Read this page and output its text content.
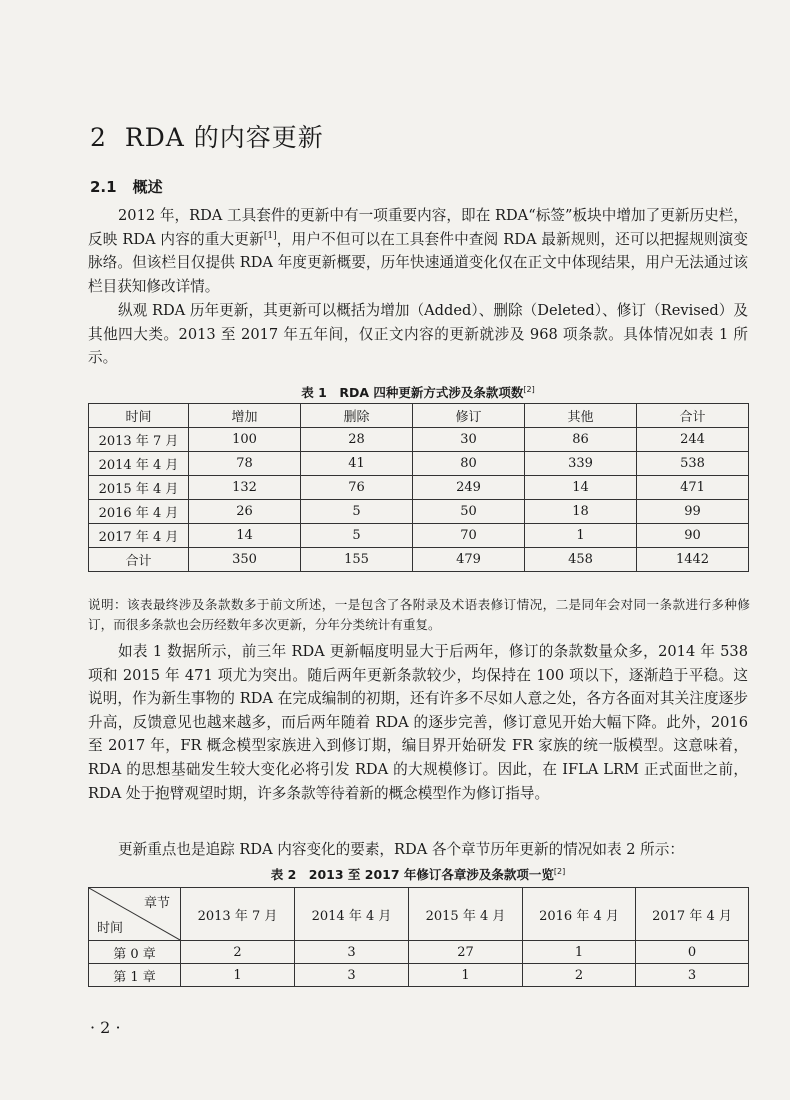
2 RDA 的内容更新
2.1 概述

2012 年，RDA 工具套件的更新中有一项重要内容，即在 RDA“标签”板块中增加了更新历史栏，反映 RDA 内容的重大更新[1]，用户不但可以在工具套件中查阅 RDA 最新规则，还可以把握规则演变脉络。但该栏目仅提供 RDA 年度更新概要，历年快速通道变化仅在正文中体现结果，用户无法通过该栏目获知修改详情。

纵观 RDA 历年更新，其更新可以概括为增加（Added）、删除（Deleted）、修订（Revised）及其他四大类。2013 至 2017 年五年间，仅正文内容的更新就涉及 968 项条款。具体情况如表 1 所示。

表 1　RDA 四种更新方式涉及条款项数[2]
时间	增加	删除	修订	其他	合计
2013 年 7 月	100	28	30	86	244
2014 年 4 月	78	41	80	339	538
2015 年 4 月	132	76	249	14	471
2016 年 4 月	26	5	50	18	99
2017 年 4 月	14	5	70	1	90
合计	350	155	479	458	1442

说明：该表最终涉及条款数多于前文所述，一是包含了各附录及术语表修订情况，二是同年会对同一条款进行多种修订，而很多条款也会历经数年多次更新，分年分类统计有重复。

如表 1 数据所示，前三年 RDA 更新幅度明显大于后两年，修订的条款数量众多，2014 年 538 项和 2015 年 471 项尤为突出。随后两年更新条款较少，均保持在 100 项以下，逐渐趋于平稳。这说明，作为新生事物的 RDA 在完成编制的初期，还有许多不尽如人意之处，各方各面对其关注度逐步升高，反馈意见也越来越多，而后两年随着 RDA 的逐步完善，修订意见开始大幅下降。此外，2016 至 2017 年，FR 概念模型家族进入到修订期，编目界开始研发 FR 家族的统一版模型。这意味着，RDA 的思想基础发生较大变化必将引发 RDA 的大规模修订。因此，在 IFLA LRM 正式面世之前，RDA 处于抱臂观望时期，许多条款等待着新的概念模型作为修订指导。

更新重点也是追踪 RDA 内容变化的要素，RDA 各个章节历年更新的情况如表 2 所示：

表 2　2013 至 2017 年修订各章涉及条款项一览[2]
章节
时间	2013 年 7 月	2014 年 4 月	2015 年 4 月	2016 年 4 月	2017 年 4 月
第 0 章	2	3	27	1	0
第 1 章	1	3	1	2	3
· 2 ·
